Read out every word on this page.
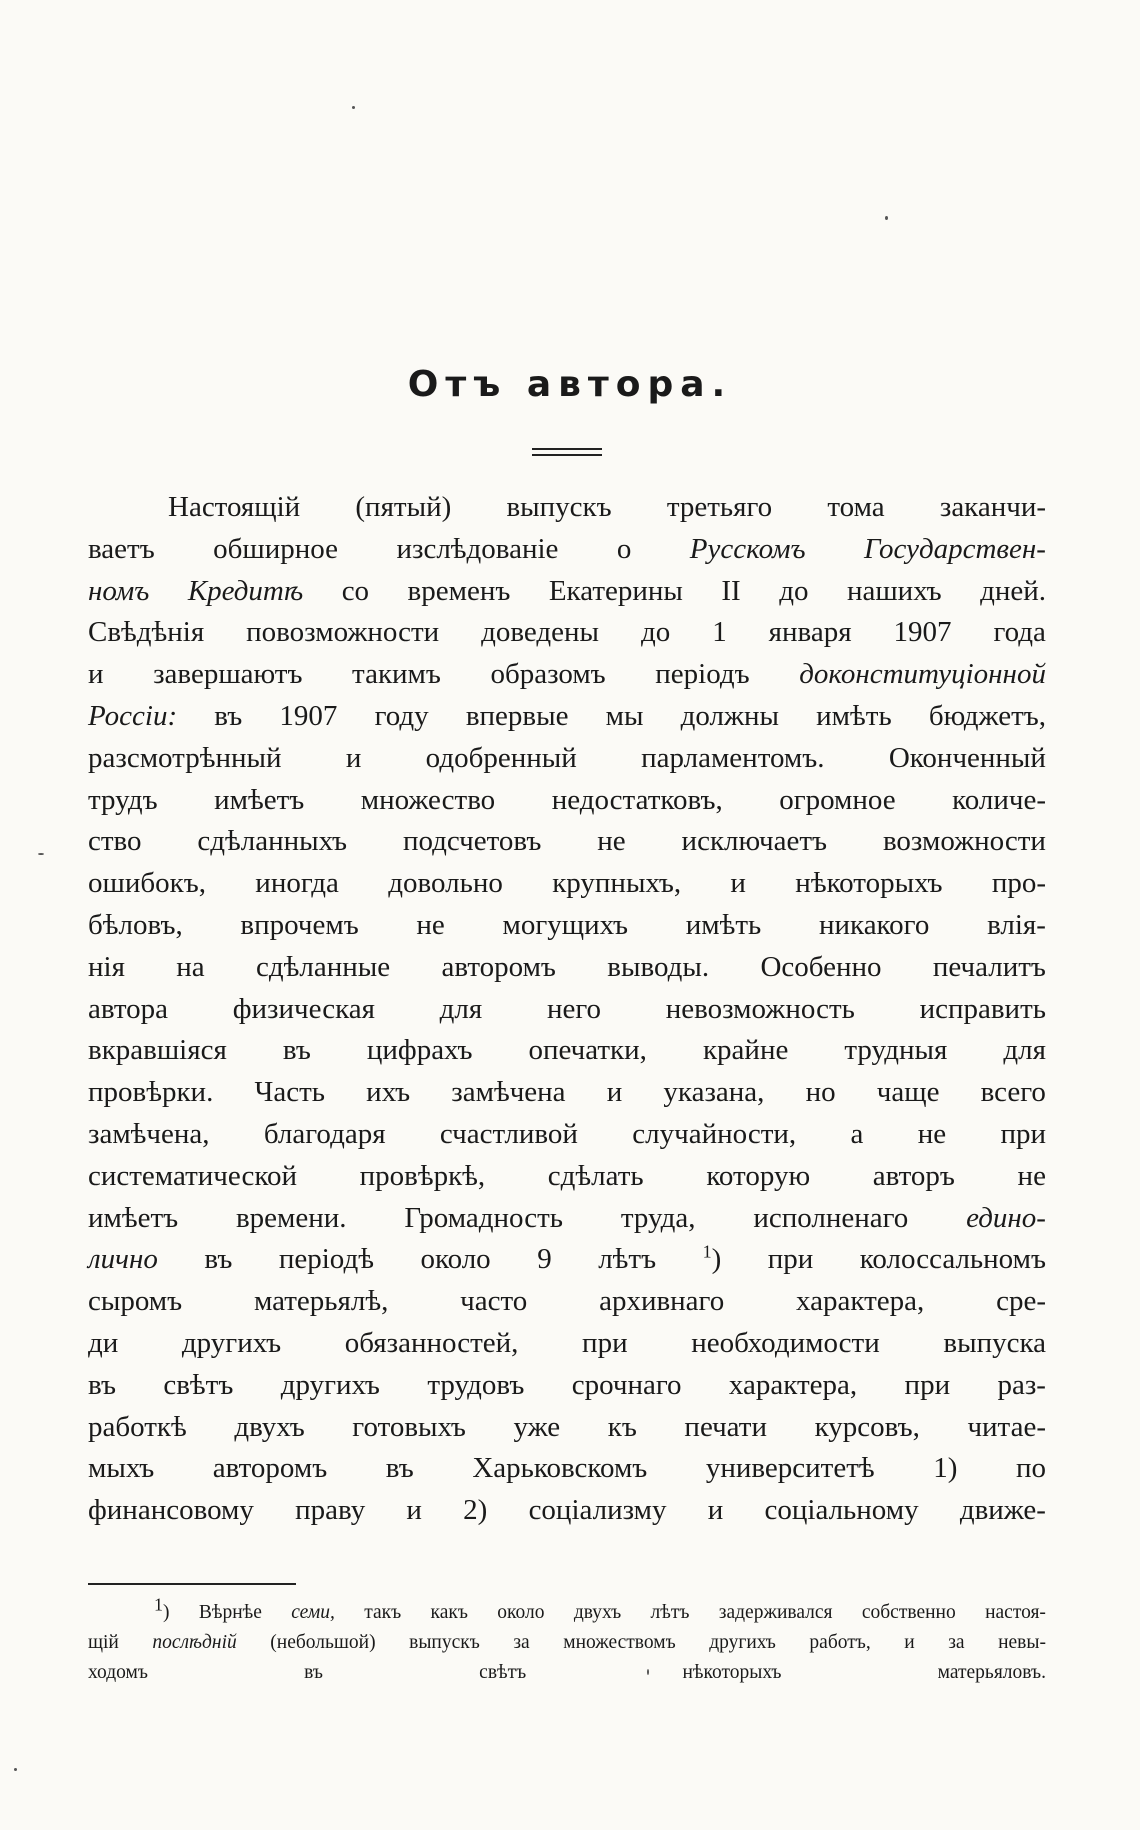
Отъ автора.
Настоящій (пятый) выпускъ третьяго тома заканчи-
ваетъ обширное изслѣдованіе о Русскомъ Государствен-
номъ Кредитѣ со временъ Екатерины II до нашихъ дней.
Свѣдѣнія повозможности доведены до 1 января 1907 года
и завершаютъ такимъ образомъ періодъ доконституціонной
Россіи: въ 1907 году впервые мы должны имѣть бюджетъ,
разсмотрѣнный и одобренный парламентомъ. Оконченный
трудъ имѣетъ множество недостатковъ, огромное количе-
ство сдѣланныхъ подсчетовъ не исключаетъ возможности
ошибокъ, иногда довольно крупныхъ, и нѣкоторыхъ про-
бѣловъ, впрочемъ не могущихъ имѣть никакого влія-
нія на сдѣланные авторомъ выводы. Особенно печалитъ
автора физическая для него невозможность исправить
вкравшіяся въ цифрахъ опечатки, крайне трудныя для
провѣрки. Часть ихъ замѣчена и указана, но чаще всего
замѣчена, благодаря счастливой случайности, а не при
систематической провѣркѣ, сдѣлать которую авторъ не
имѣетъ времени. Громадность труда, исполненаго едино-
лично въ періодѣ около 9 лѣтъ	$^1$) при колоссальномъ
сыромъ матерьялѣ, часто архивнаго характера, сре-
ди другихъ обязанностей, при необходимости выпуска
въ свѣтъ другихъ трудовъ срочнаго характера, при раз-
работкѣ двухъ готовыхъ уже къ печати курсовъ, читае-
мыхъ авторомъ въ Харьковскомъ университетѣ 1) по
финансовому праву и 2) соціализму и соціальному движе-
1) Вѣрнѣе семи, такъ какъ около двухъ лѣтъ задерживался собственно настоя-
щій послѣдній (небольшой) выпускъ за множествомъ другихъ работъ, и за невы-
ходомъ	въ	свѣтъ	нѣкоторыхъ	матерьяловъ.
